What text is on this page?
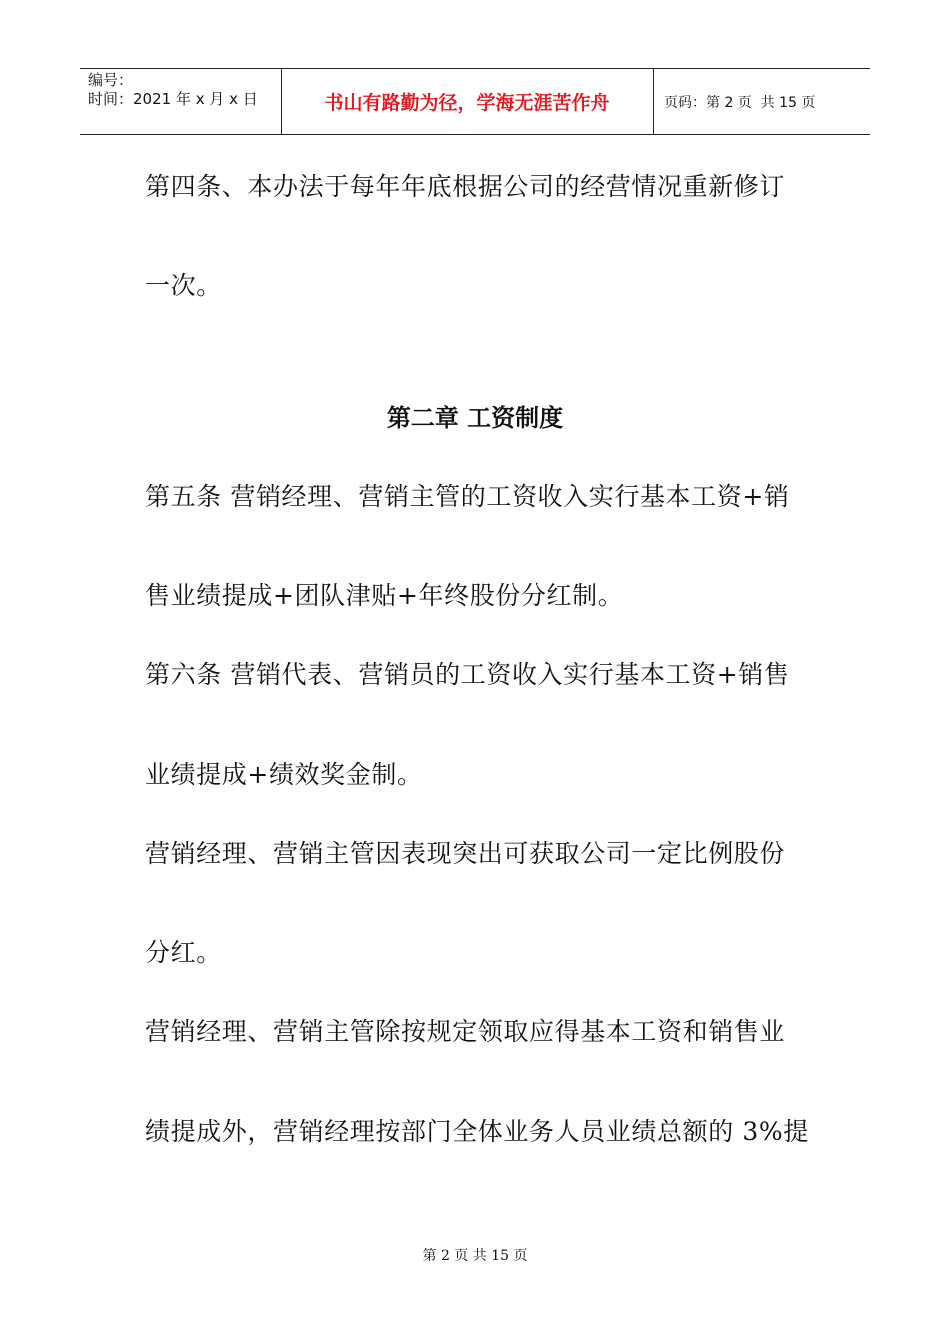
编号：
时间：2021 年 x 月 x 日	书山有路勤为径，学海无涯苦作舟	页码：第 2 页  共 15 页
第四条、本办法于每年年底根据公司的经营情况重新修订
一次。
第二章 工资制度
第五条 营销经理、营销主管的工资收入实行基本工资+销
售业绩提成+团队津贴+年终股份分红制。
第六条 营销代表、营销员的工资收入实行基本工资+销售
业绩提成+绩效奖金制。
营销经理、营销主管因表现突出可获取公司一定比例股份
分红。
营销经理、营销主管除按规定领取应得基本工资和销售业
绩提成外，营销经理按部门全体业务人员业绩总额的 3%提
第 2 页 共 15 页
